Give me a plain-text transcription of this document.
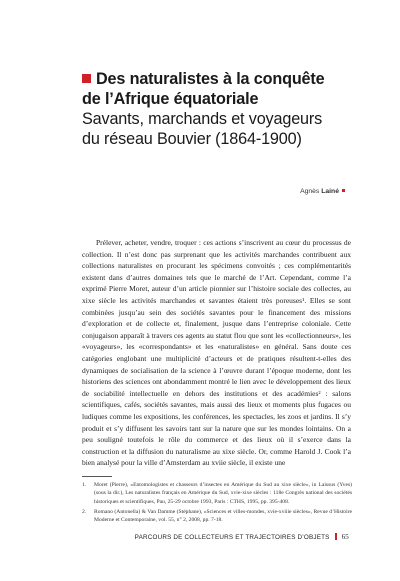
Des naturalistes à la conquête
de l’Afrique équatoriale
Savants, marchands et voyageurs
du réseau Bouvier (1864-1900)
Agnès Lainé

Prélever, acheter, vendre, troquer : ces actions s’inscrivent au cœur du processus de collection. Il n’est donc pas surprenant que les activités marchandes contribuent aux collections naturalistes en procurant les spécimens convoités ; ces complémentarités existent dans d’autres domaines tels que le marché de l’Art. Cependant, comme l’a exprimé Pierre Moret, auteur d’un article pionnier sur l’histoire sociale des collectes, au xixe siècle les activités marchandes et savantes étaient très poreuses¹. Elles se sont combinées jusqu’au sein des sociétés savantes pour le financement des missions d’exploration et de collecte et, finalement, jusque dans l’entreprise coloniale. Cette conjugaison apparaît à travers ces agents au statut flou que sont les «collectionneurs», les «voyageurs», les «correspondants» et les «naturalistes» en général. Sans doute ces catégories englobant une multiplicité d’acteurs et de pratiques résultent-t-elles des dynamiques de socialisation de la science à l’œuvre durant l’époque moderne, dont les historiens des sciences ont abondamment montré le lien avec le développement des lieux de sociabilité intellectuelle en dehors des institutions et des académies² : salons scientifiques, cafés, sociétés savantes, mais aussi des lieux et moments plus fugaces ou ludiques comme les expositions, les conférences, les spectacles, les zoos et jardins. Il s’y produit et s’y diffusent les savoirs tant sur la nature que sur les mondes lointains. On a peu souligné toutefois le rôle du commerce et des lieux où il s’exerce dans la construction et la diffusion du naturalisme au xixe siècle. Or, comme Harold J. Cook l’a bien analysé pour la ville d’Amsterdam au xviie siècle, il existe une

1. Moret (Pierre), «Entomologistes et chasseurs d’insectes en Amérique du Sud au xixe siècle», in Laissus (Yves) (sous la dir.), Les naturalistes français en Amérique du Sud, xvie-xixe siècles : 118e Congrès national des sociétés historiques et scientifiques, Pau, 25-29 octobre 1993, Paris : CTHS, 1995, pp. 395-408.

2. Romano (Antonella) & Van Damme (Stéphane), «Sciences et villes-mondes, xvie-xviiie siècles», Revue d’Histoire Moderne et Contemporaine, vol. 55, n° 2, 2008, pp. 7-18.

PARCOURS DE COLLECTEURS ET TRAJECTOIRES D’OBJETS 65
